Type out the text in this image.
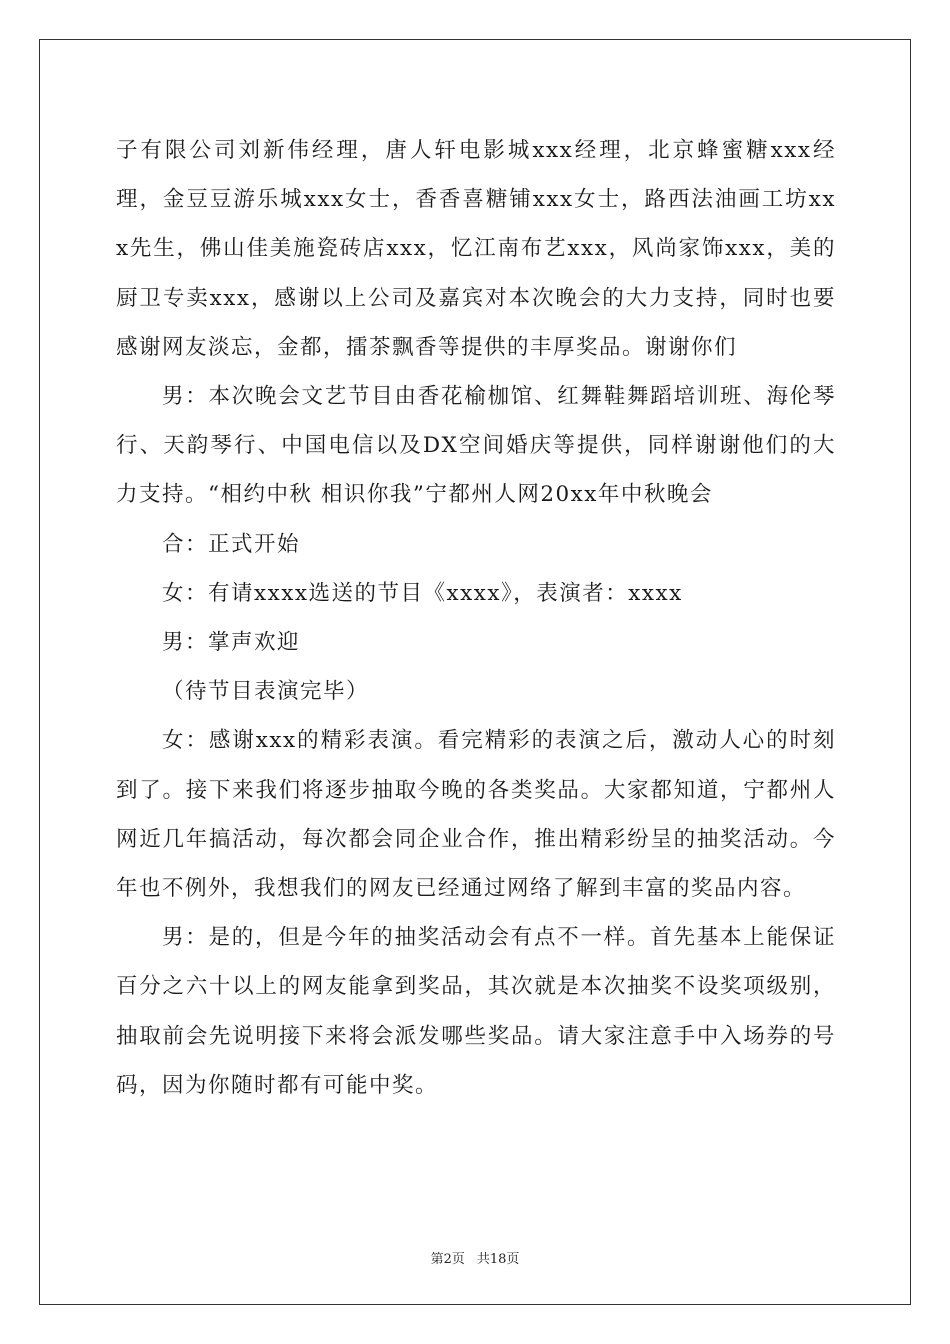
子有限公司刘新伟经理，唐人轩电影城xxx经理，北京蜂蜜糖xxx经理，金豆豆游乐城xxx女士，香香喜糖铺xxx女士，路西法油画工坊xxx先生，佛山佳美施瓷砖店xxx，忆江南布艺xxx，风尚家饰xxx，美的厨卫专卖xxx，感谢以上公司及嘉宾对本次晚会的大力支持，同时也要感谢网友淡忘，金都，擂茶飘香等提供的丰厚奖品。谢谢你们

男：本次晚会文艺节目由香花榆枷馆、红舞鞋舞蹈培训班、海伦琴行、天韵琴行、中国电信以及DX空间婚庆等提供，同样谢谢他们的大力支持。“相约中秋 相识你我”宁都州人网20xx年中秋晚会

合：正式开始

女：有请xxxx选送的节目《xxxx》，表演者：xxxx

男：掌声欢迎

（待节目表演完毕）

女：感谢xxx的精彩表演。看完精彩的表演之后，激动人心的时刻到了。接下来我们将逐步抽取今晚的各类奖品。大家都知道，宁都州人网近几年搞活动，每次都会同企业合作，推出精彩纷呈的抽奖活动。今年也不例外，我想我们的网友已经通过网络了解到丰富的奖品内容。

男：是的，但是今年的抽奖活动会有点不一样。首先基本上能保证百分之六十以上的网友能拿到奖品，其次就是本次抽奖不设奖项级别，抽取前会先说明接下来将会派发哪些奖品。请大家注意手中入场券的号码，因为你随时都有可能中奖。

第2页 共18页
